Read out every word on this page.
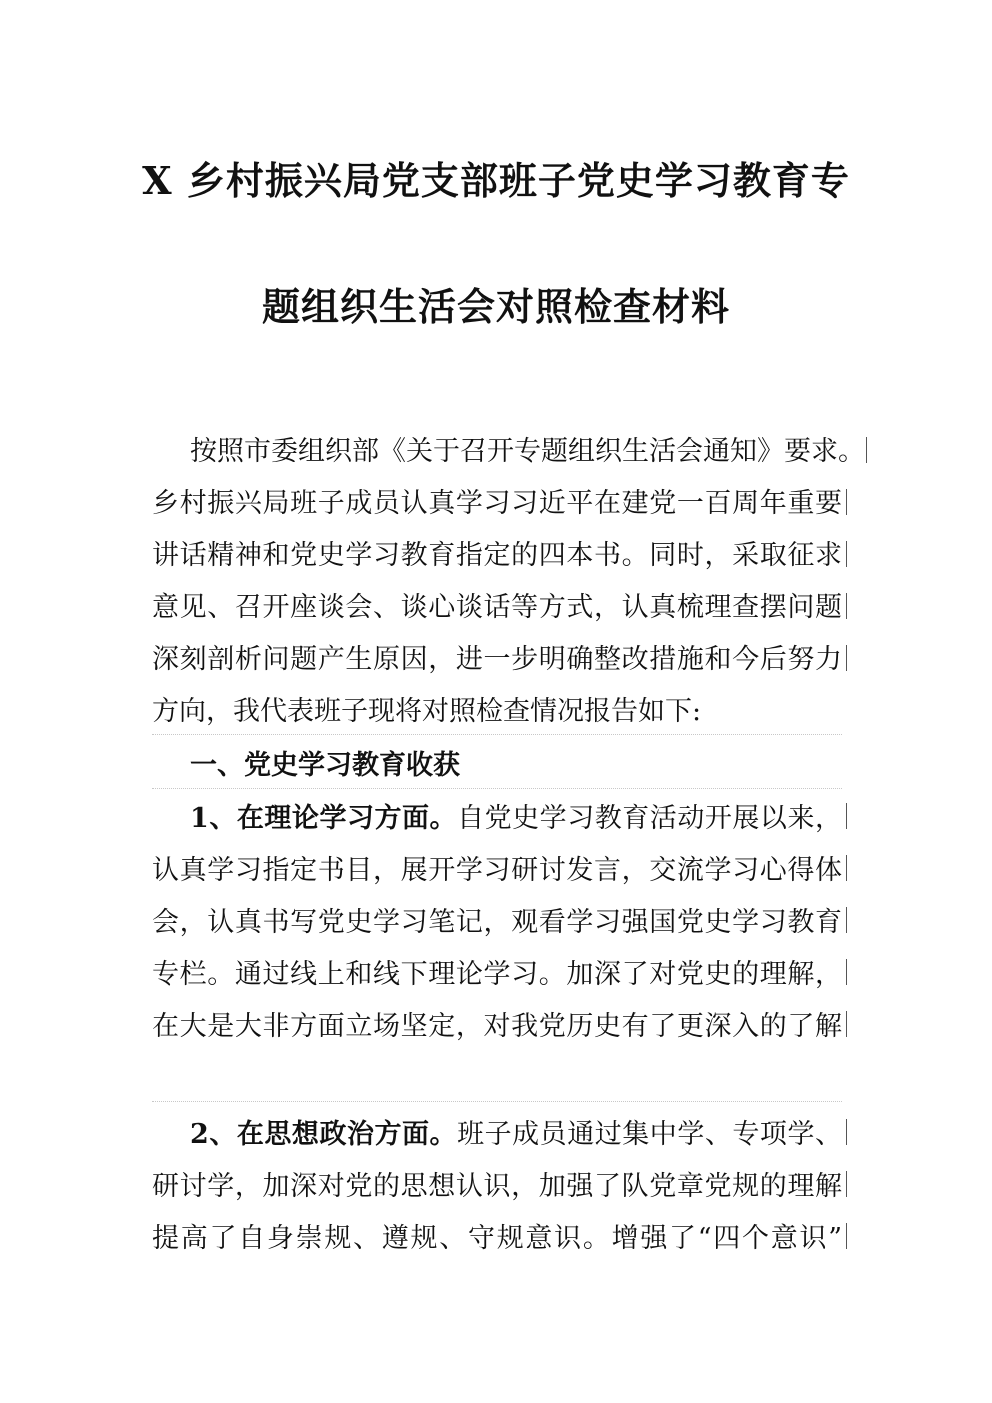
X 乡村振兴局党支部班子党史学习教育专
题组织生活会对照检查材料

按照市委组织部《关于召开专题组织生活会通知》要求。

乡村振兴局班子成员认真学习习近平在建党一百周年重要

讲话精神和党史学习教育指定的四本书。同时，采取征求

意见、召开座谈会、谈心谈话等方式，认真梳理查摆问题

深刻剖析问题产生原因，进一步明确整改措施和今后努力

方向，我代表班子现将对照检查情况报告如下:

一、党史学习教育收获

1、在理论学习方面。自党史学习教育活动开展以来，

认真学习指定书目，展开学习研讨发言，交流学习心得体

会，认真书写党史学习笔记，观看学习强国党史学习教育

专栏。通过线上和线下理论学习。加深了对党史的理解，

在大是大非方面立场坚定，对我党历史有了更深入的了解

2、在思想政治方面。班子成员通过集中学、专项学、

研讨学，加深对党的思想认识，加强了队党章党规的理解

提高了自身崇规、遵规、守规意识。增强了“四个意识”
